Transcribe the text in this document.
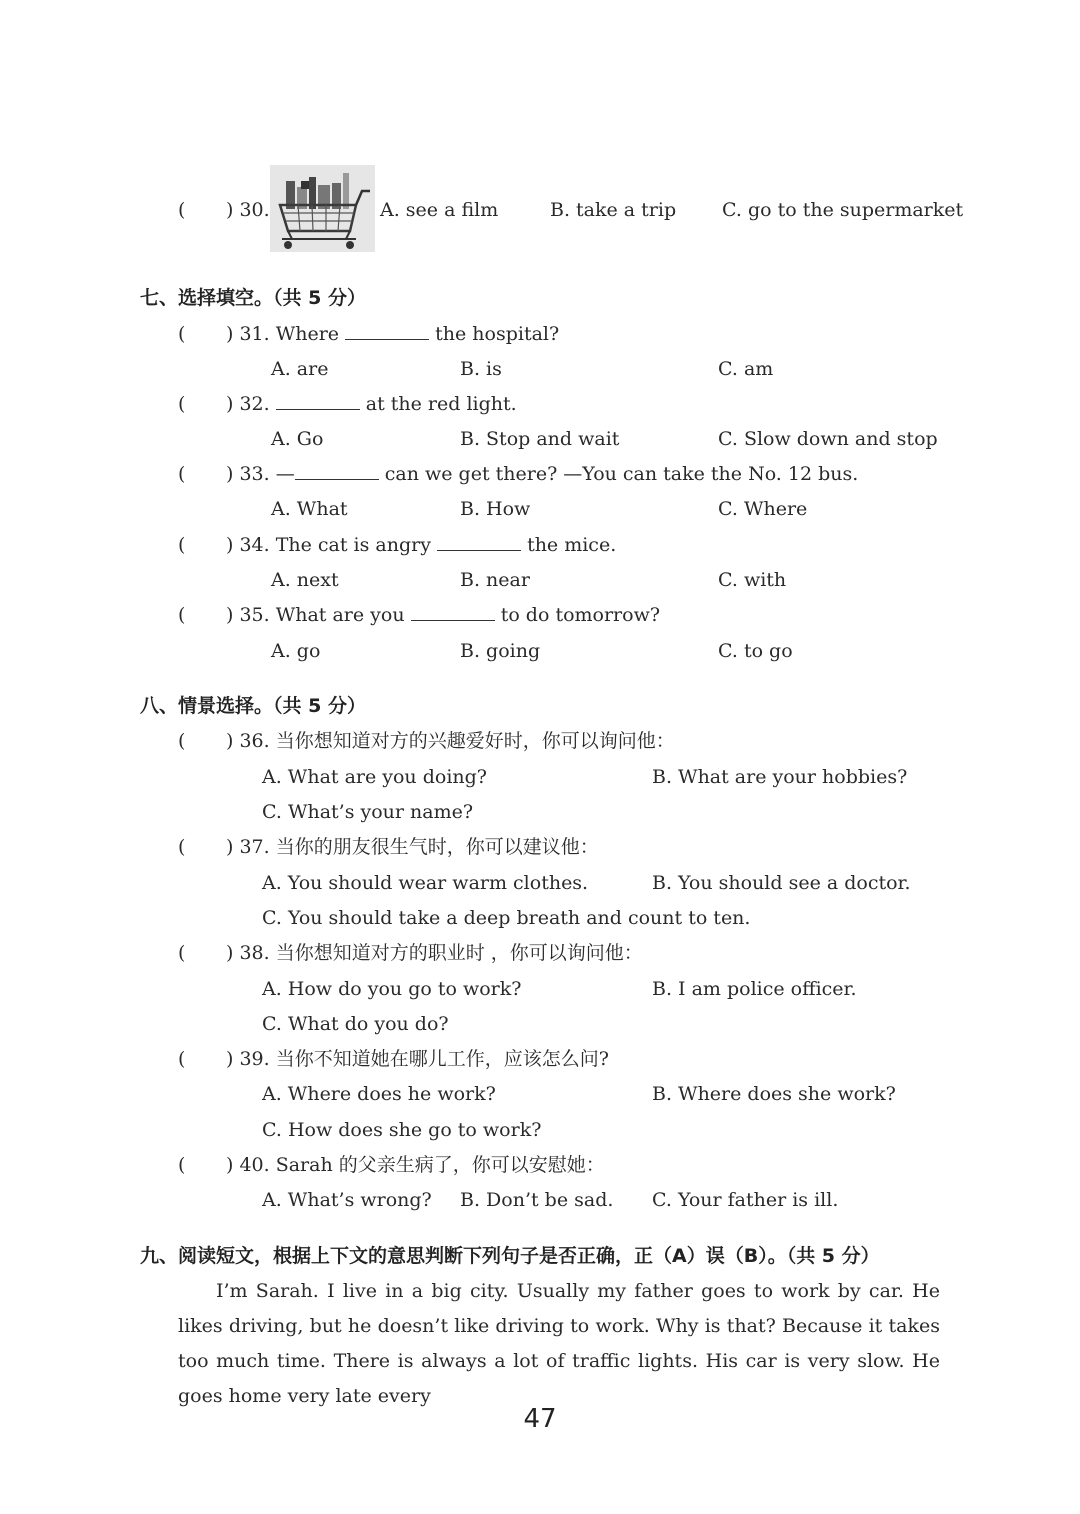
( ) 30.	A. see a film	B. take a trip C. go to the supermarket
七、选择填空。（共 5 分）
( ) 31. Where	the hospital?
A. are	B. is	C. am
( ) 32.	at the red light.
A. Go	B. Stop and wait	C. Slow down and stop
( ) 33. —	can we get there? —You can take the No. 12 bus.
A. What	B. How	C. Where
( ) 34. The cat is angry	the mice.
A. next	B. near	C. with
( ) 35. What are you	to do tomorrow?
A. go	B. going	C. to go
八、情景选择。（共 5 分）
( ) 36. 当你想知道对方的兴趣爱好时，你可以询问他：
A. What are you doing?	B. What are your hobbies?
C. What’s your name?
( ) 37. 当你的朋友很生气时，你可以建议他：
A. You should wear warm clothes.	B. You should see a doctor.
C. You should take a deep breath and count to ten.
( ) 38. 当你想知道对方的职业时 ，你可以询问他：
A. How do you go to work?	B. I am police officer.
C. What do you do?
( ) 39. 当你不知道她在哪儿工作，应该怎么问?
A. Where does he work?	B. Where does she work?
C. How does she go to work?
( ) 40. Sarah 的父亲生病了，你可以安慰她：
A. What’s wrong? B. Don’t be sad. C. Your father is ill.
九、阅读短文，根据上下文的意思判断下列句子是否正确，正（A）误（B）。（共 5 分）

I’m Sarah. I live in a big city. Usually my father goes to work by car. He likes driving, but he doesn’t like driving to work. Why is that? Because it takes too much time. There is always a lot of traffic lights. His car is very slow. He goes home very late every

47
